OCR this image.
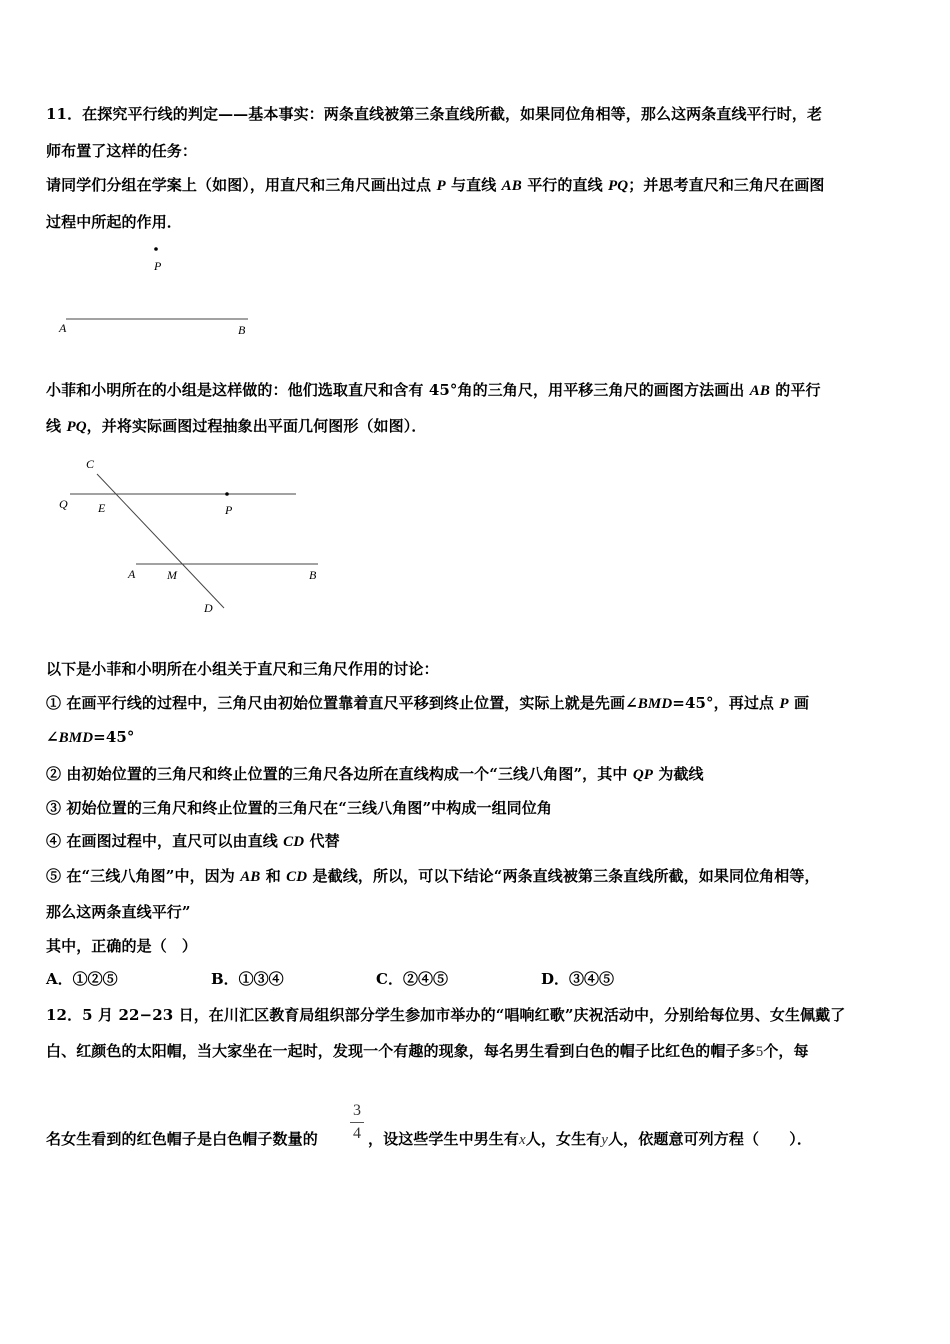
11．在探究平行线的判定——基本事实：两条直线被第三条直线所截，如果同位角相等，那么这两条直线平行时，老
师布置了这样的任务：
请同学们分组在学案上（如图），用直尺和三角尺画出过点 P 与直线 AB 平行的直线 PQ；并思考直尺和三角尺在画图
过程中所起的作用．
P
A	B
C
Q	E	P
A	M	B
D
小菲和小明所在的小组是这样做的：他们选取直尺和含有 45°角的三角尺，用平移三角尺的画图方法画出 AB 的平行
线 PQ，并将实际画图过程抽象出平面几何图形（如图）．
以下是小菲和小明所在小组关于直尺和三角尺作用的讨论：
① 在画平行线的过程中，三角尺由初始位置靠着直尺平移到终止位置，实际上就是先画∠BMD=45°，再过点 P 画
∠BMD=45°
② 由初始位置的三角尺和终止位置的三角尺各边所在直线构成一个“三线八角图”，其中 QP 为截线
③ 初始位置的三角尺和终止位置的三角尺在“三线八角图”中构成一组同位角
④ 在画图过程中，直尺可以由直线 CD 代替
⑤ 在“三线八角图”中，因为 AB 和 CD 是截线，所以，可以下结论“两条直线被第三条直线所截，如果同位角相等，
那么这两条直线平行”
其中，正确的是（　）
A．①②⑤	B．①③④	C．②④⑤	D．③④⑤
12．5 月 22−23 日，在川汇区教育局组织部分学生参加市举办的“唱响红歌”庆祝活动中，分别给每位男、女生佩戴了
白、红颜色的太阳帽，当大家坐在一起时，发现一个有趣的现象，每名男生看到白色的帽子比红色的帽子多5个，每
3
4
名女生看到的红色帽子是白色帽子数量的	，设这些学生中男生有x人，女生有y人，依题意可列方程（　　）．
